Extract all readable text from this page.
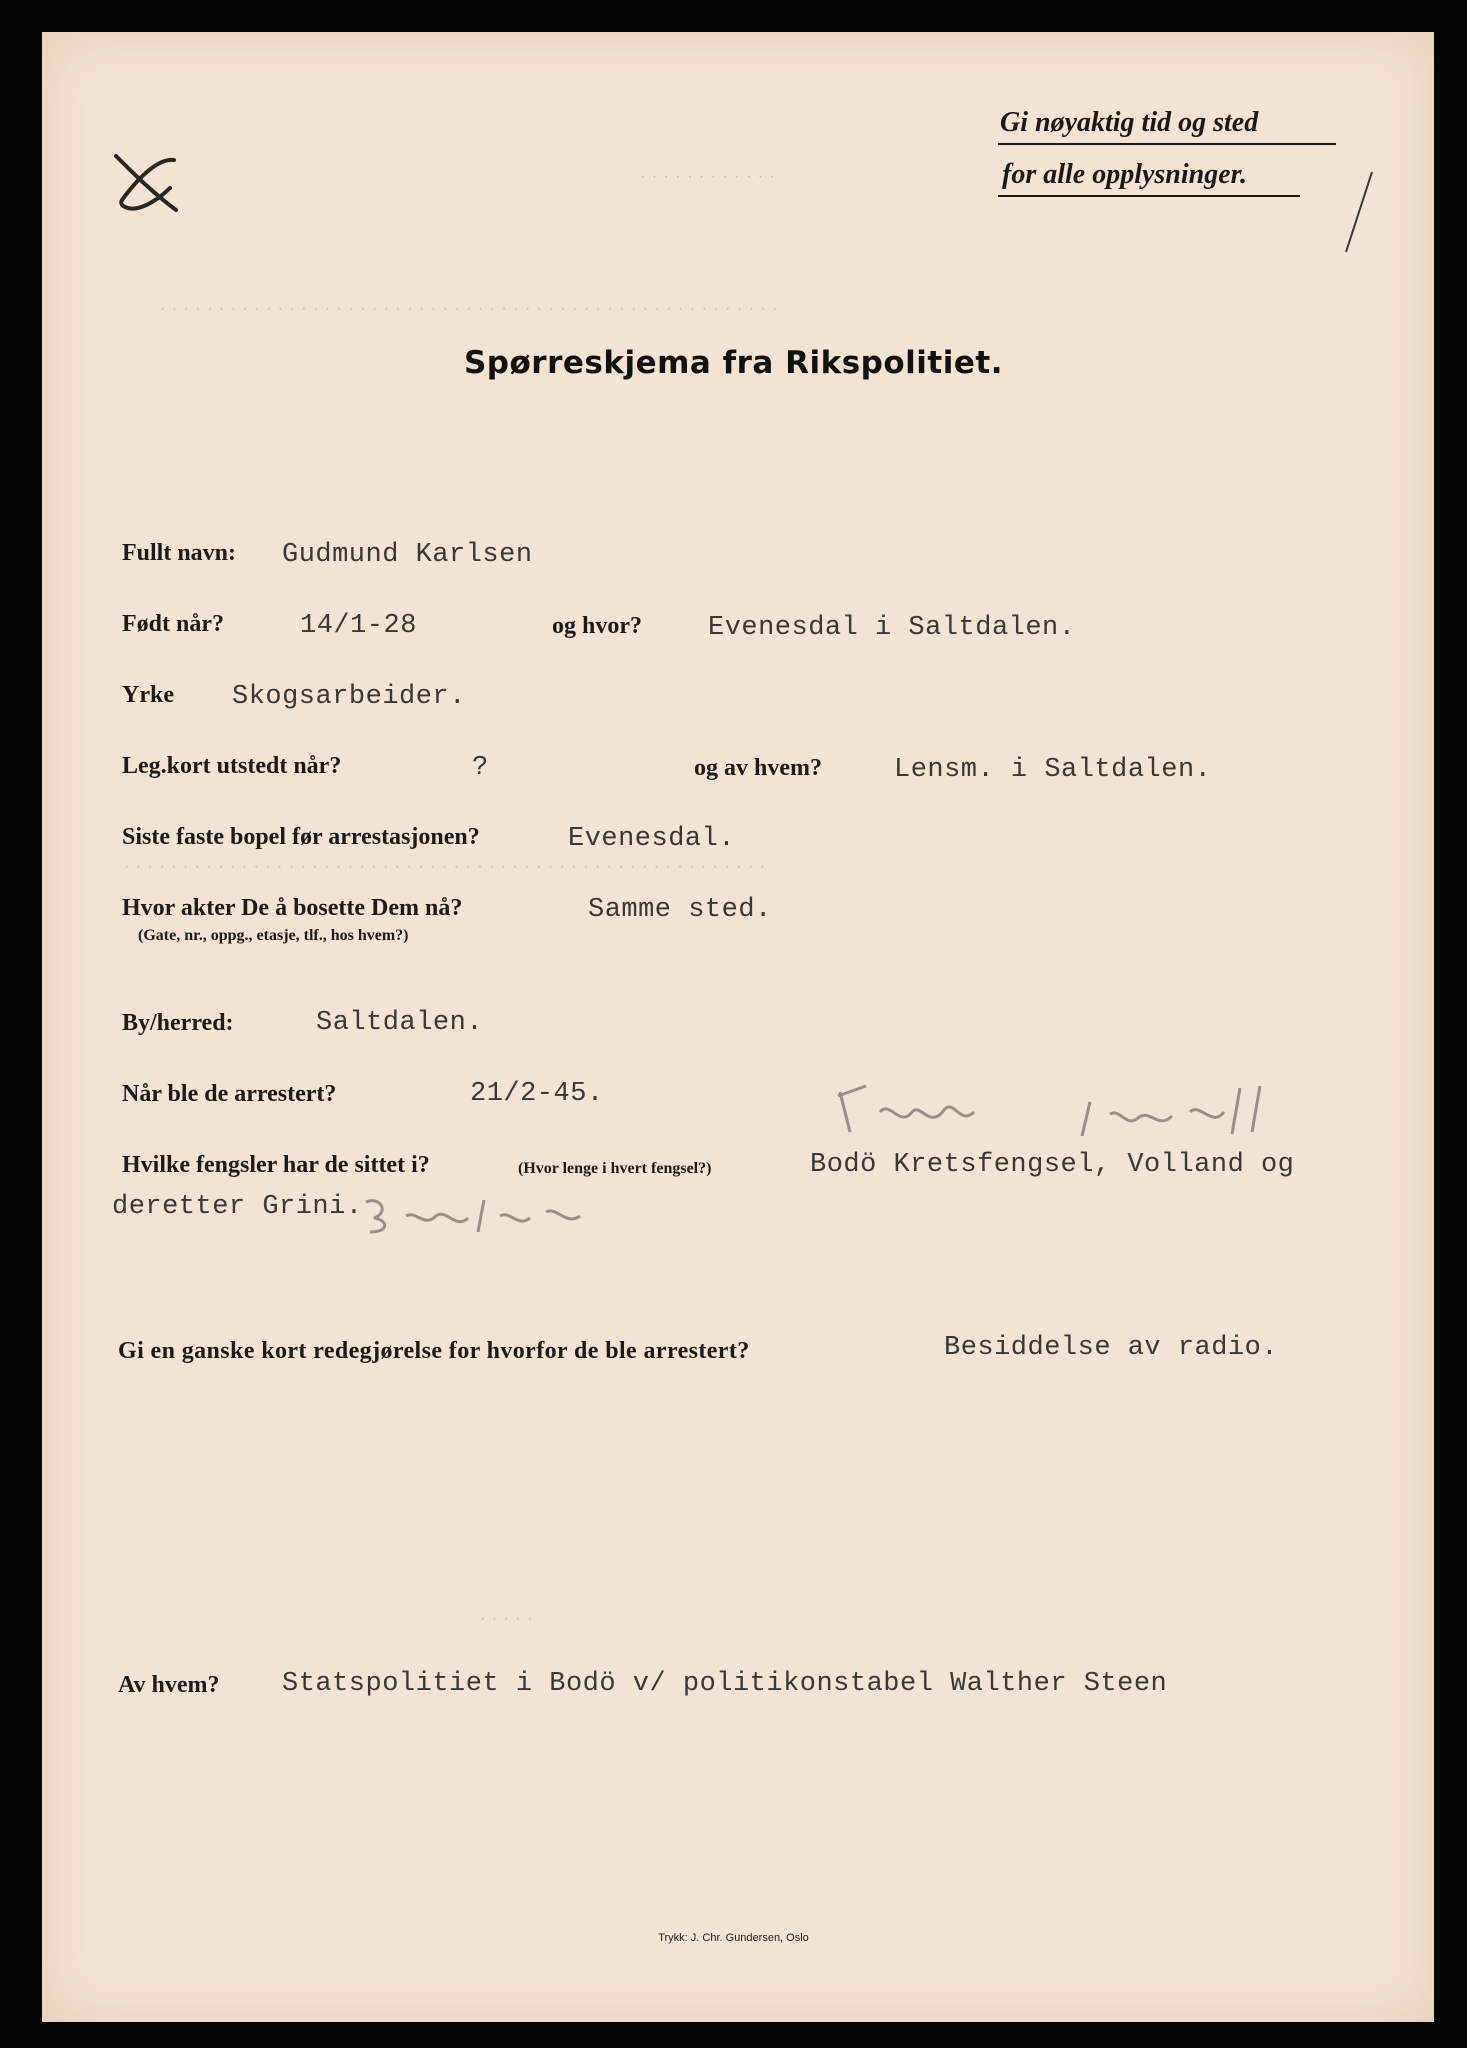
Gi nøyaktig tid og sted
for alle opplysninger.
· · · · · · · · · · · ·
· · · · · · · · · · · · · · · · · · · · · · · · · · · · · · · · · · · · · · · · · · · · · · · · · · · · ·
Spørreskjema fra Rikspolitiet.
Fullt navn: Gudmund Karlsen
Født når?	14/1-28	og hvor? Evenesdal i Saltdalen.
Yrke Skogsarbeider.
Leg.kort utstedt når?	?	og av hvem?	Lensm. i Saltdalen.
Siste faste bopel før arrestasjonen?	Evenesdal.
· · · · · · · · · · · · · · · · · · · · · · · · · · · · · · · · · · · · · · · · · · · · · · · · · · · · · · ·
Hvor akter De å bosette Dem nå?
(Gate, nr., oppg., etasje, tlf., hos hvem?)
Samme sted.
By/herred:	Saltdalen.
Når ble de arrestert?	21/2-45.
Hvilke fengsler har de sittet i?	(Hvor lenge i hvert fengsel?)	Bodö Kretsfengsel, Volland og
deretter Grini.
Gi en ganske kort redegjørelse for hvorfor de ble arrestert?	Besiddelse av radio.
· · · · ·
Av hvem? Statspolitiet i Bodö v/ politikonstabel Walther Steen
Trykk: J. Chr. Gundersen, Oslo
